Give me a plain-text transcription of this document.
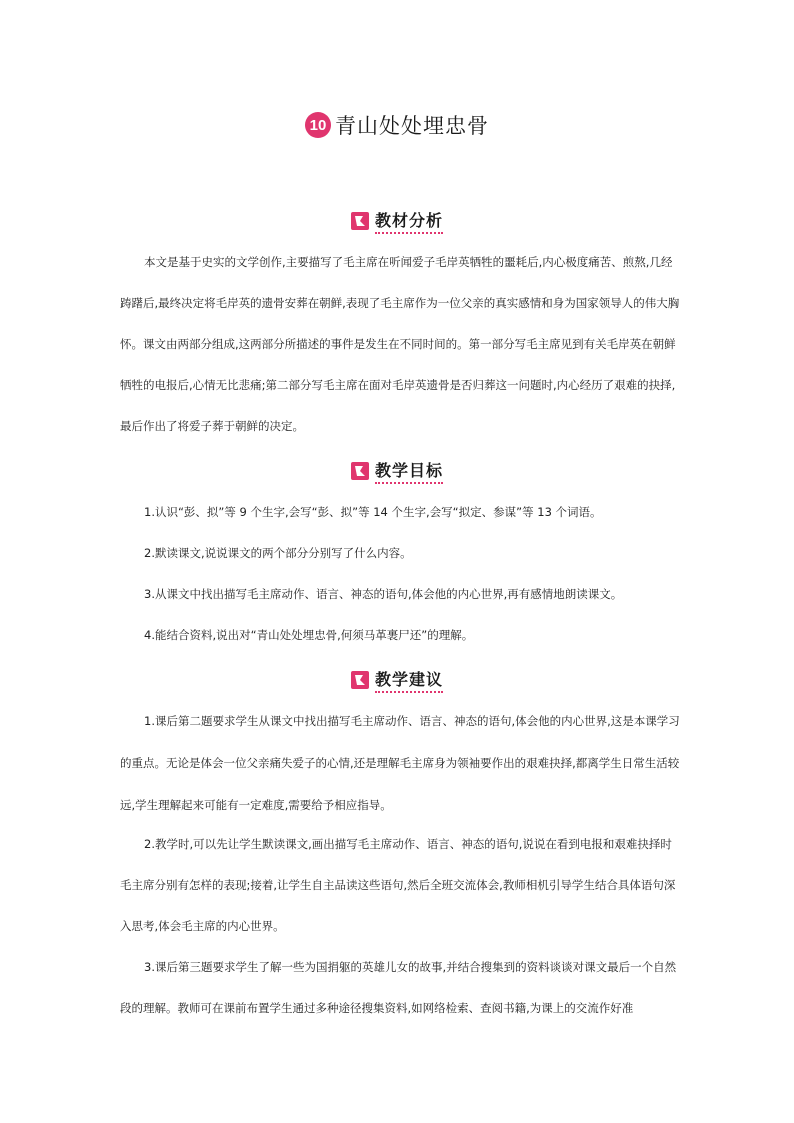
10 青山处处埋忠骨
教材分析
本文是基于史实的文学创作,主要描写了毛主席在听闻爱子毛岸英牺牲的噩耗后,内心极度痛苦、煎熬,几经踌躇后,最终决定将毛岸英的遗骨安葬在朝鲜,表现了毛主席作为一位父亲的真实感情和身为国家领导人的伟大胸怀。课文由两部分组成,这两部分所描述的事件是发生在不同时间的。第一部分写毛主席见到有关毛岸英在朝鲜牺牲的电报后,心情无比悲痛;第二部分写毛主席在面对毛岸英遗骨是否归葬这一问题时,内心经历了艰难的抉择,最后作出了将爱子葬于朝鲜的决定。
教学目标
1.认识“彭、拟”等 9 个生字,会写“彭、拟”等 14 个生字,会写“拟定、参谋”等 13 个词语。
2.默读课文,说说课文的两个部分分别写了什么内容。
3.从课文中找出描写毛主席动作、语言、神态的语句,体会他的内心世界,再有感情地朗读课文。
4.能结合资料,说出对“青山处处埋忠骨,何须马革裹尸还”的理解。
教学建议
1.课后第二题要求学生从课文中找出描写毛主席动作、语言、神态的语句,体会他的内心世界,这是本课学习的重点。无论是体会一位父亲痛失爱子的心情,还是理解毛主席身为领袖要作出的艰难抉择,都离学生日常生活较远,学生理解起来可能有一定难度,需要给予相应指导。
2.教学时,可以先让学生默读课文,画出描写毛主席动作、语言、神态的语句,说说在看到电报和艰难抉择时毛主席分别有怎样的表现;接着,让学生自主品读这些语句,然后全班交流体会,教师相机引导学生结合具体语句深入思考,体会毛主席的内心世界。
3.课后第三题要求学生了解一些为国捐躯的英雄儿女的故事,并结合搜集到的资料谈谈对课文最后一个自然段的理解。教师可在课前布置学生通过多种途径搜集资料,如网络检索、查阅书籍,为课上的交流作好准
